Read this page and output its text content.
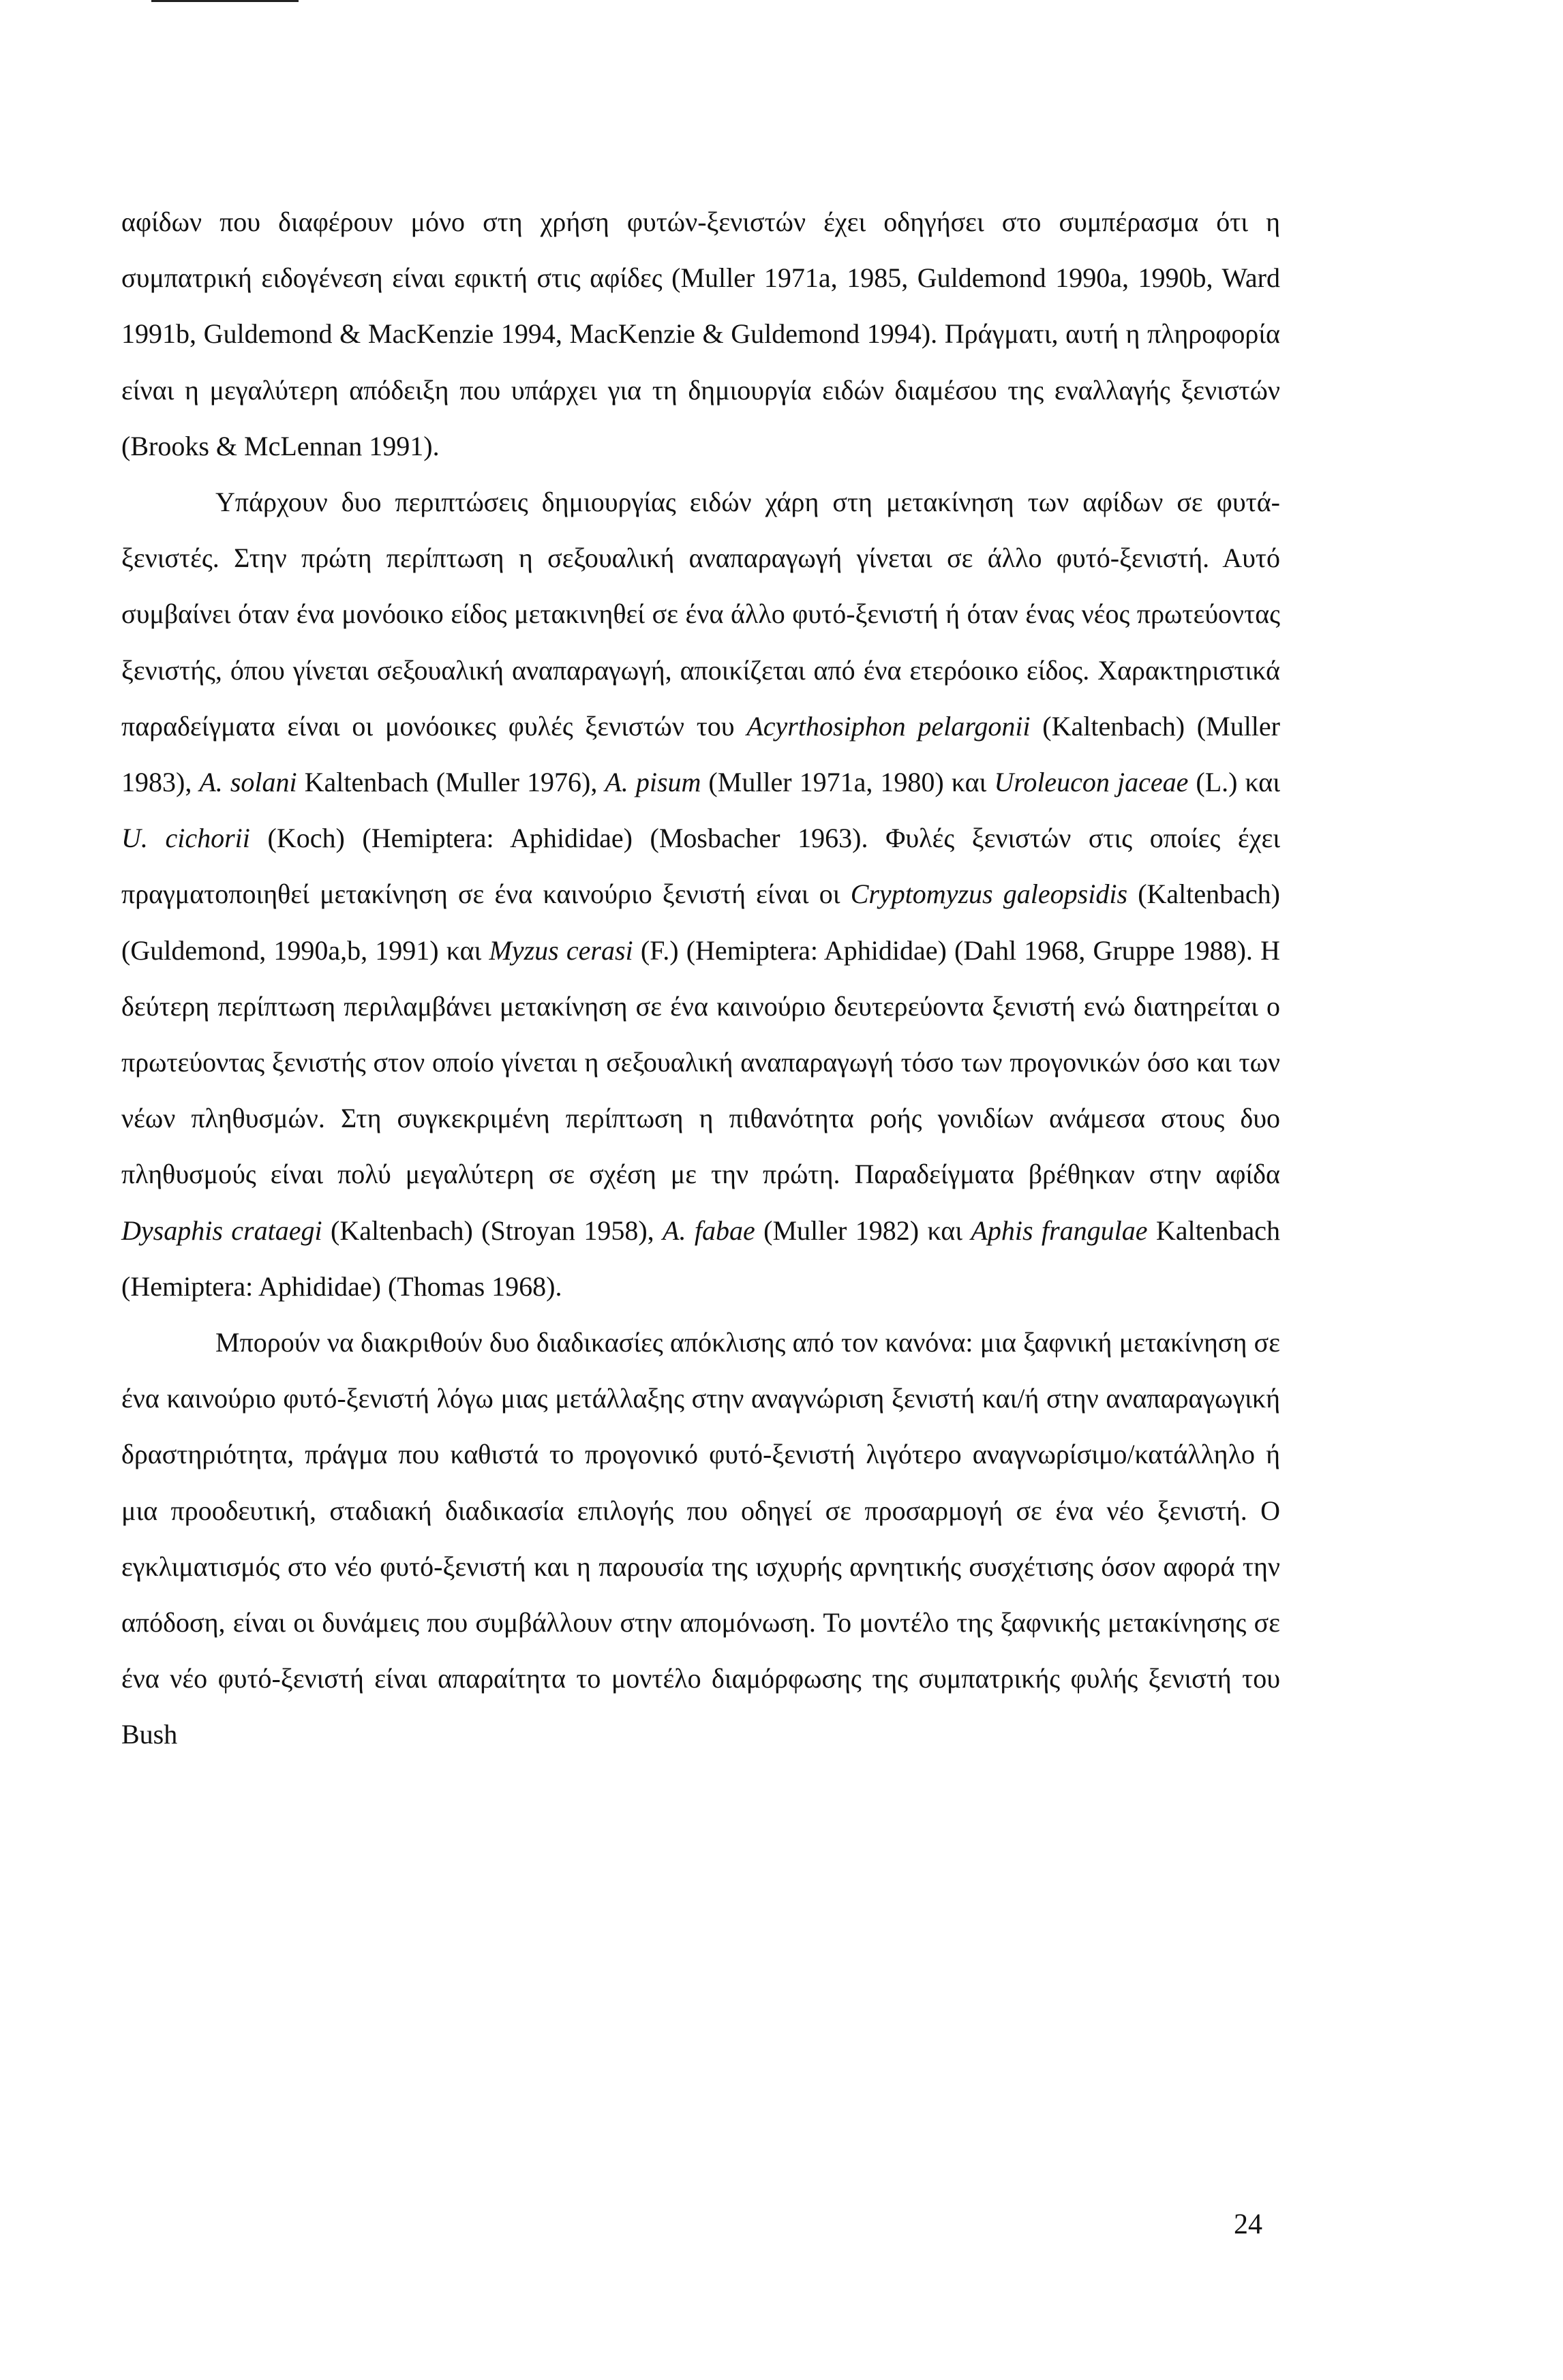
αφίδων που διαφέρουν μόνο στη χρήση φυτών-ξενιστών έχει οδηγήσει στο συμπέρασμα ότι η συμπατρική ειδογένεση είναι εφικτή στις αφίδες (Muller 1971a, 1985, Guldemond 1990a, 1990b, Ward 1991b, Guldemond & MacKenzie 1994, MacKenzie & Guldemond 1994). Πράγματι, αυτή η πληροφορία είναι η μεγαλύτερη απόδειξη που υπάρχει για τη δημιουργία ειδών διαμέσου της εναλλαγής ξενιστών (Brooks & McLennan 1991).

Υπάρχουν δυο περιπτώσεις δημιουργίας ειδών χάρη στη μετακίνηση των αφίδων σε φυτά-ξενιστές. Στην πρώτη περίπτωση η σεξουαλική αναπαραγωγή γίνεται σε άλλο φυτό-ξενιστή. Αυτό συμβαίνει όταν ένα μονόοικο είδος μετακινηθεί σε ένα άλλο φυτό-ξενιστή ή όταν ένας νέος πρωτεύοντας ξενιστής, όπου γίνεται σεξουαλική αναπαραγωγή, αποικίζεται από ένα ετερόοικο είδος. Χαρακτηριστικά παραδείγματα είναι οι μονόοικες φυλές ξενιστών του Acyrthosiphon pelargonii (Kaltenbach) (Muller 1983), A. solani Kaltenbach (Muller 1976), A. pisum (Muller 1971a, 1980) και Uroleucon jaceae (L.) και U. cichorii (Koch) (Hemiptera: Aphididae) (Mosbacher 1963). Φυλές ξενιστών στις οποίες έχει πραγματοποιηθεί μετακίνηση σε ένα καινούριο ξενιστή είναι οι Cryptomyzus galeopsidis (Kaltenbach) (Guldemond, 1990a,b, 1991) και Myzus cerasi (F.) (Hemiptera: Aphididae) (Dahl 1968, Gruppe 1988). Η δεύτερη περίπτωση περιλαμβάνει μετακίνηση σε ένα καινούριο δευτερεύοντα ξενιστή ενώ διατηρείται ο πρωτεύοντας ξενιστής στον οποίο γίνεται η σεξουαλική αναπαραγωγή τόσο των προγονικών όσο και των νέων πληθυσμών. Στη συγκεκριμένη περίπτωση η πιθανότητα ροής γονιδίων ανάμεσα στους δυο πληθυσμούς είναι πολύ μεγαλύτερη σε σχέση με την πρώτη. Παραδείγματα βρέθηκαν στην αφίδα Dysaphis crataegi (Kaltenbach) (Stroyan 1958), A. fabae (Muller 1982) και Aphis frangulae Kaltenbach (Hemiptera: Aphididae) (Thomas 1968).

Μπορούν να διακριθούν δυο διαδικασίες απόκλισης από τον κανόνα: μια ξαφνική μετακίνηση σε ένα καινούριο φυτό-ξενιστή λόγω μιας μετάλλαξης στην αναγνώριση ξενιστή και/ή στην αναπαραγωγική δραστηριότητα, πράγμα που καθιστά το προγονικό φυτό-ξενιστή λιγότερο αναγνωρίσιμο/κατάλληλο ή μια προοδευτική, σταδιακή διαδικασία επιλογής που οδηγεί σε προσαρμογή σε ένα νέο ξενιστή. Ο εγκλιματισμός στο νέο φυτό-ξενιστή και η παρουσία της ισχυρής αρνητικής συσχέτισης όσον αφορά την απόδοση, είναι οι δυνάμεις που συμβάλλουν στην απομόνωση. Το μοντέλο της ξαφνικής μετακίνησης σε ένα νέο φυτό-ξενιστή είναι απαραίτητα το μοντέλο διαμόρφωσης της συμπατρικής φυλής ξενιστή του Bush

24
